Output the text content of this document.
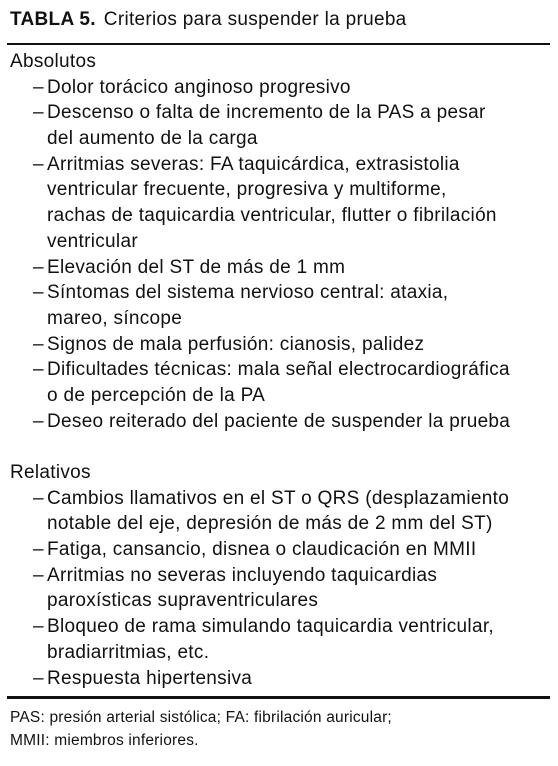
TABLA 5. Criterios para suspender la prueba
Absolutos
– Dolor torácico anginoso progresivo
– Descenso o falta de incremento de la PAS a pesar
del aumento de la carga
– Arritmias severas: FA taquicárdica, extrasistolia
ventricular frecuente, progresiva y multiforme,
rachas de taquicardia ventricular, flutter o fibrilación
ventricular
– Elevación del ST de más de 1 mm
– Síntomas del sistema nervioso central: ataxia,
mareo, síncope
– Signos de mala perfusión: cianosis, palidez
– Dificultades técnicas: mala señal electrocardiográfica
o de percepción de la PA
– Deseo reiterado del paciente de suspender la prueba
Relativos
– Cambios llamativos en el ST o QRS (desplazamiento
notable del eje, depresión de más de 2 mm del ST)
– Fatiga, cansancio, disnea o claudicación en MMII
– Arritmias no severas incluyendo taquicardias
paroxísticas supraventriculares
– Bloqueo de rama simulando taquicardia ventricular,
bradiarritmias, etc.
– Respuesta hipertensiva
PAS: presión arterial sistólica; FA: fibrilación auricular;
MMII: miembros inferiores.
